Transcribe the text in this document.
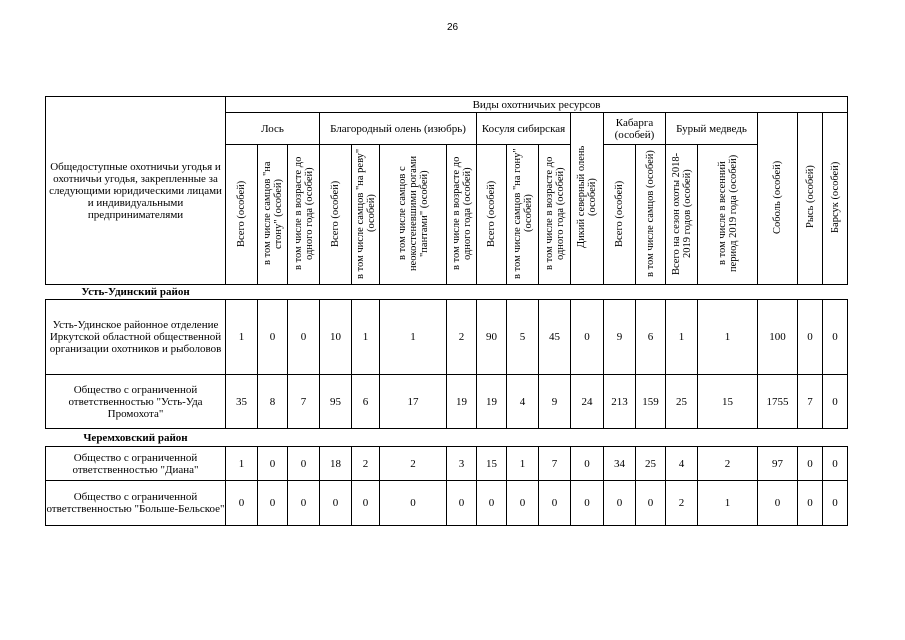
26
Общедоступные охотничьи угодья и охотничьи угодья, закрепленные за следующими юридическими лицами и индивидуальными предпринимателями	Виды охотничьих ресурсов																	
	Лось			Благородный олень (изюбрь)				Косуля сибирская			Дикий северный олень (особей)	Кабарга (особей)		Бурый медведь		Соболь (особей)	Рысь (особей)	Барсук (особей)
	Всего (особей)	в том числе самцов "на стону" (особей)	в том числе в возрасте до одного года (особей)	Всего (особей)	в том числе самцов "на реву" (особей)	в том числе самцов с неокостеневшими рогами "пантами" (особей)	в том числе в возрасте до одного года (особей)	Всего (особей)	в том числе самцов "на гону" (особей)	в том числе в возрасте до одного года (особей)		Всего (особей)	в том числе самцов (особей)	Всего на сезон охоты 2018-2019 годов (особей)	в том числе в весенний период 2019 года (особей)			
Усть-Удинский район																		
Усть-Удинское районное отделение Иркутской областной общественной организации охотников и рыболовов	1	0	0	10	1	1	2	90	5	45	0	9	6	1	1	100	0	0
Общество с ограниченной ответственностью "Усть-Уда Промохота"	35	8	7	95	6	17	19	19	4	9	24	213	159	25	15	1755	7	0
Черемховский район																		
Общество с ограниченной ответственностью "Диана"	1	0	0	18	2	2	3	15	1	7	0	34	25	4	2	97	0	0
Общество с ограниченной ответственностью "Больше-Бельское"	0	0	0	0	0	0	0	0	0	0	0	0	0	2	1	0	0	0
